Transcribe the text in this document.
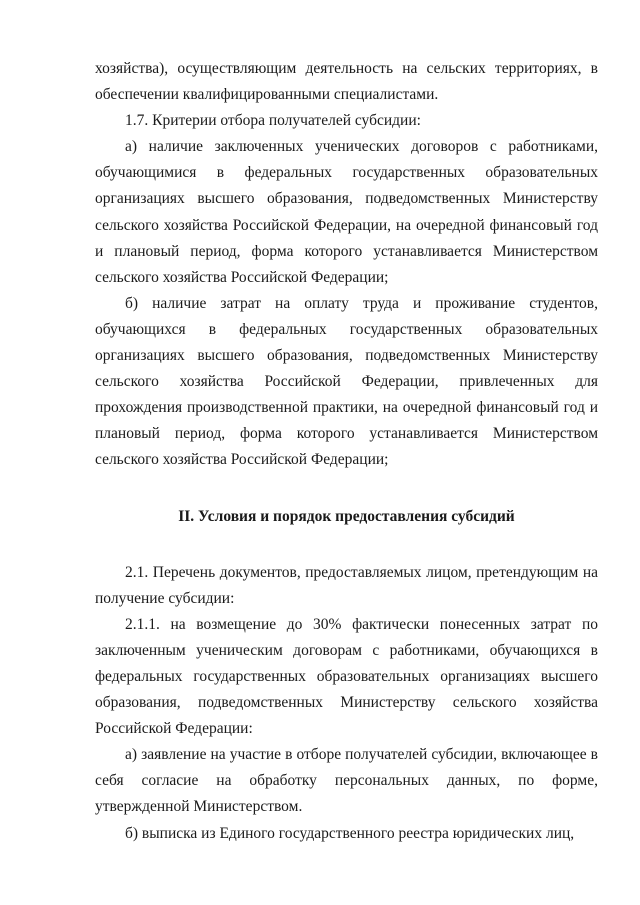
хозяйства), осуществляющим деятельность на сельских территориях, в обеспечении квалифицированными специалистами.

1.7. Критерии отбора получателей субсидии:

а) наличие заключенных ученических договоров с работниками, обучающимися в федеральных государственных образовательных организациях высшего образования, подведомственных Министерству сельского хозяйства Российской Федерации, на очередной финансовый год и плановый период, форма которого устанавливается Министерством сельского хозяйства Российской Федерации;

б) наличие затрат на оплату труда и проживание студентов, обучающихся в федеральных государственных образовательных организациях высшего образования, подведомственных Министерству сельского хозяйства Российской Федерации, привлеченных для прохождения производственной практики, на очередной финансовый год и плановый период, форма которого устанавливается Министерством сельского хозяйства Российской Федерации;

II. Условия и порядок предоставления субсидий

2.1. Перечень документов, предоставляемых лицом, претендующим на получение субсидии:

2.1.1. на возмещение до 30% фактически понесенных затрат по заключенным ученическим договорам с работниками, обучающихся в федеральных государственных образовательных организациях высшего образования, подведомственных Министерству сельского хозяйства Российской Федерации:

а) заявление на участие в отборе получателей субсидии, включающее в себя согласие на обработку персональных данных, по форме, утвержденной Министерством.

б) выписка из Единого государственного реестра юридических лиц,
